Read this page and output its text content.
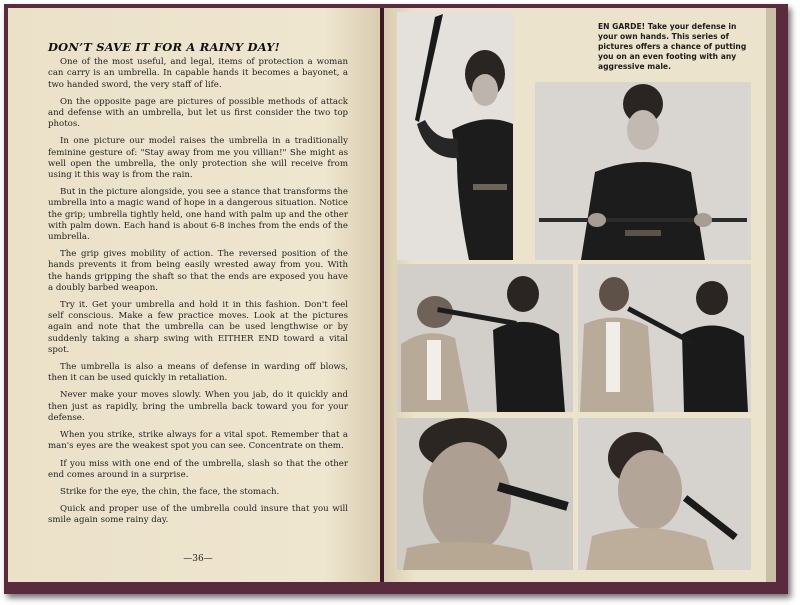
DON’T SAVE IT FOR A RAINY DAY!

One of the most useful, and legal, items of protection a woman can carry is an umbrella. In capable hands it becomes a bayonet, a two handed sword, the very staff of life.

On the opposite page are pictures of possible methods of attack and defense with an umbrella, but let us first consider the two top photos.

In one picture our model raises the umbrella in a traditionally feminine gesture of: "Stay away from me you villian!" She might as well open the umbrella, the only protection she will receive from using it this way is from the rain.

But in the picture alongside, you see a stance that transforms the umbrella into a magic wand of hope in a dangerous situation. Notice the grip; umbrella tightly held, one hand with palm up and the other with palm down. Each hand is about 6-8 inches from the ends of the umbrella.

The grip gives mobility of action. The reversed position of the hands prevents it from being easily wrested away from you. With the hands gripping the shaft so that the ends are exposed you have a doubly barbed weapon.

Try it. Get your umbrella and hold it in this fashion. Don't feel self conscious. Make a few practice moves. Look at the pictures again and note that the umbrella can be used lengthwise or by suddenly taking a sharp swing with EITHER END toward a vital spot.

The umbrella is also a means of defense in warding off blows, then it can be used quickly in retaliation.

Never make your moves slowly. When you jab, do it quickly and then just as rapidly, bring the umbrella back toward you for your defense.

When you strike, strike always for a vital spot. Remember that a man's eyes are the weakest spot you can see. Concentrate on them.

If you miss with one end of the umbrella, slash so that the other end comes around in a surprise.

Strike for the eye, the chin, the face, the stomach.

Quick and proper use of the umbrella could insure that you will smile again some rainy day.

—36—
EN GARDE! Take your defense in your own hands. This series of pictures offers a chance of putting you on an even footing with any aggressive male.
